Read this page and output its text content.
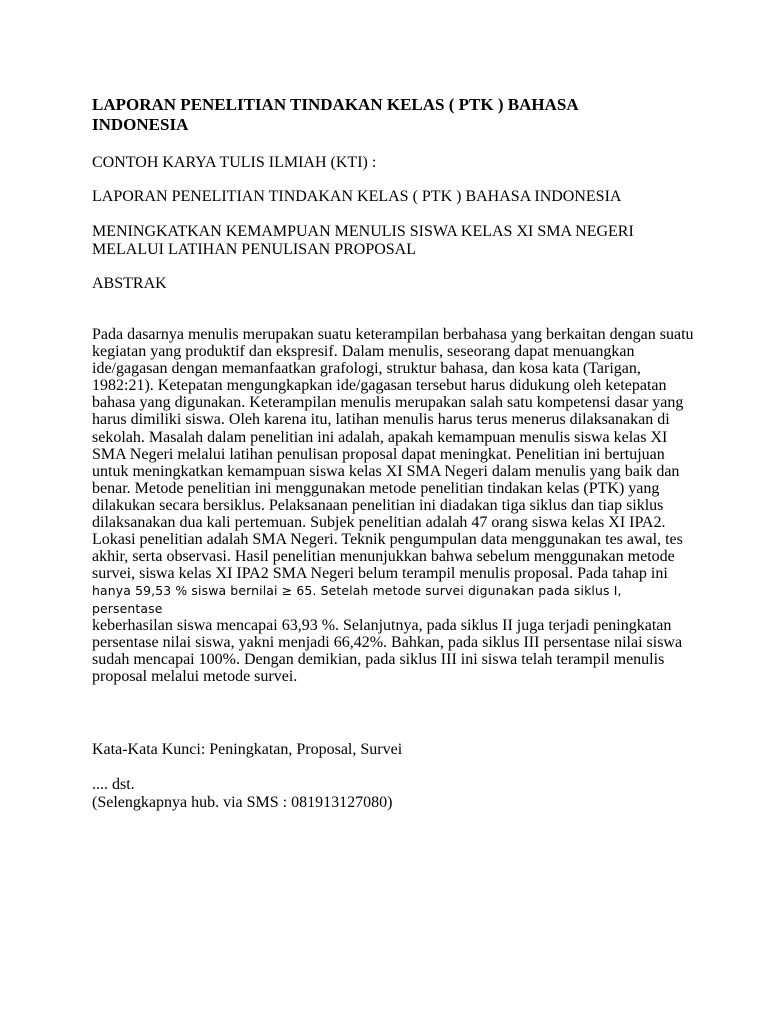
LAPORAN PENELITIAN TINDAKAN KELAS ( PTK ) BAHASA INDONESIA

CONTOH KARYA TULIS ILMIAH (KTI) :

LAPORAN PENELITIAN TINDAKAN KELAS ( PTK ) BAHASA INDONESIA

MENINGKATKAN KEMAMPUAN MENULIS SISWA KELAS XI SMA NEGERI MELALUI LATIHAN PENULISAN PROPOSAL

ABSTRAK

Pada dasarnya menulis merupakan suatu keterampilan berbahasa yang berkaitan dengan suatu
kegiatan yang produktif dan ekspresif. Dalam menulis, seseorang dapat menuangkan
ide/gagasan dengan memanfaatkan grafologi, struktur bahasa, dan kosa kata (Tarigan,
1982:21). Ketepatan mengungkapkan ide/gagasan tersebut harus didukung oleh ketepatan
bahasa yang digunakan. Keterampilan menulis merupakan salah satu kompetensi dasar yang
harus dimiliki siswa. Oleh karena itu, latihan menulis harus terus menerus dilaksanakan di
sekolah. Masalah dalam penelitian ini adalah, apakah kemampuan menulis siswa kelas XI
SMA Negeri melalui latihan penulisan proposal dapat meningkat. Penelitian ini bertujuan
untuk meningkatkan kemampuan siswa kelas XI SMA Negeri dalam menulis yang baik dan
benar. Metode penelitian ini menggunakan metode penelitian tindakan kelas (PTK) yang
dilakukan secara bersiklus. Pelaksanaan penelitian ini diadakan tiga siklus dan tiap siklus
dilaksanakan dua kali pertemuan. Subjek penelitian adalah 47 orang siswa kelas XI IPA2.
Lokasi penelitian adalah SMA Negeri. Teknik pengumpulan data menggunakan tes awal, tes
akhir, serta observasi. Hasil penelitian menunjukkan bahwa sebelum menggunakan metode
survei, siswa kelas XI IPA2 SMA Negeri belum terampil menulis proposal. Pada tahap ini
hanya 59,53 % siswa bernilai ≥ 65. Setelah metode survei digunakan pada siklus I, persentase
keberhasilan siswa mencapai 63,93 %. Selanjutnya, pada siklus II juga terjadi peningkatan
persentase nilai siswa, yakni menjadi 66,42%. Bahkan, pada siklus III persentase nilai siswa
sudah mencapai 100%. Dengan demikian, pada siklus III ini siswa telah terampil menulis
proposal melalui metode survei.

Kata-Kata Kunci: Peningkatan, Proposal, Survei

.... dst.

(Selengkapnya hub. via SMS : 081913127080)
